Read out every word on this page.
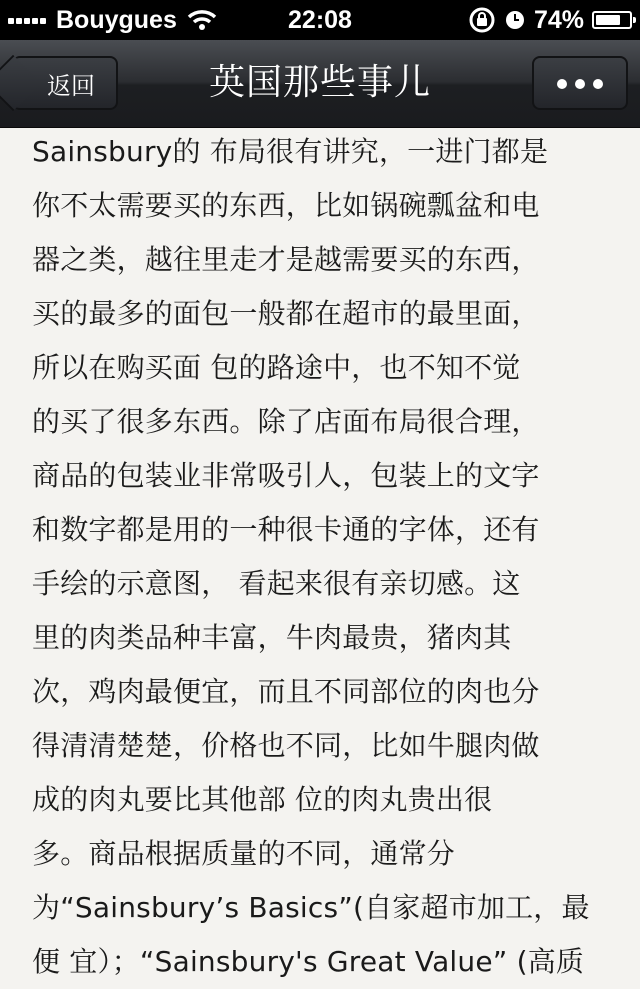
Bouygues	22:08	74%
返回	英国那些事儿
Sainsbury的 布局很有讲究，一进门都是
你不太需要买的东西，比如锅碗瓢盆和电
器之类，越往里走才是越需要买的东西，
买的最多的面包一般都在超市的最里面，
所以在购买面 包的路途中，也不知不觉
的买了很多东西。除了店面布局很合理，
商品的包装业非常吸引人，包装上的文字
和数字都是用的一种很卡通的字体，还有
手绘的示意图， 看起来很有亲切感。这
里的肉类品种丰富，牛肉最贵，猪肉其
次，鸡肉最便宜，而且不同部位的肉也分
得清清楚楚，价格也不同，比如牛腿肉做
成的肉丸要比其他部 位的肉丸贵出很
多。商品根据质量的不同，通常分
为“Sainsbury’s Basics”(自家超市加工，最
便 宜）；“Sainsbury's Great Value” (高质
